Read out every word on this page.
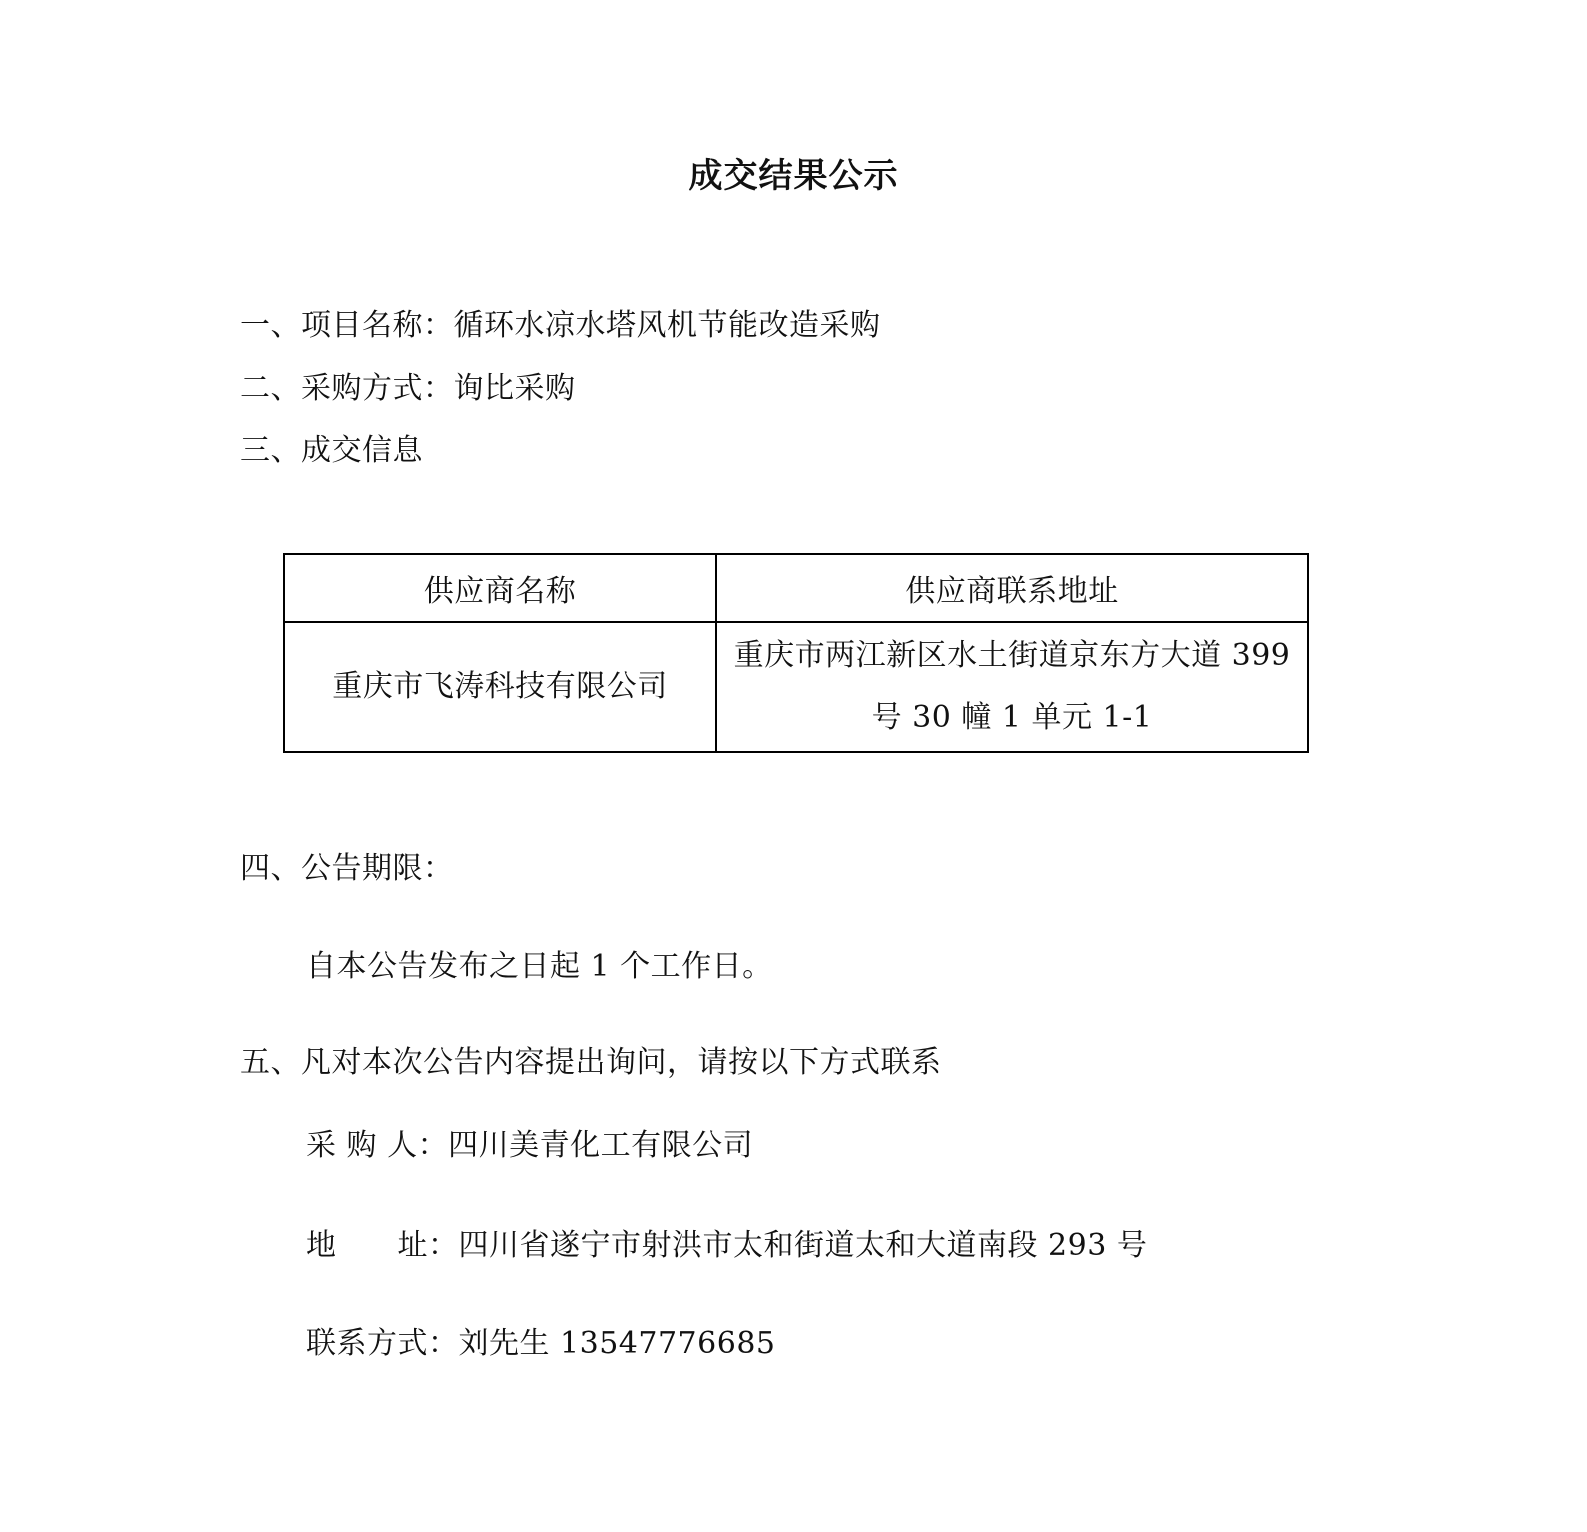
成交结果公示
一、项目名称：循环水凉水塔风机节能改造采购
二、采购方式：询比采购
三、成交信息
供应商名称	供应商联系地址
重庆市飞涛科技有限公司	重庆市两江新区水土街道京东方大道 399
号 30 幢 1 单元 1-1
四、公告期限：
自本公告发布之日起 1 个工作日。
五、凡对本次公告内容提出询问，请按以下方式联系
采 购 人：四川美青化工有限公司
地　　址：四川省遂宁市射洪市太和街道太和大道南段 293 号
联系方式：刘先生 13547776685
